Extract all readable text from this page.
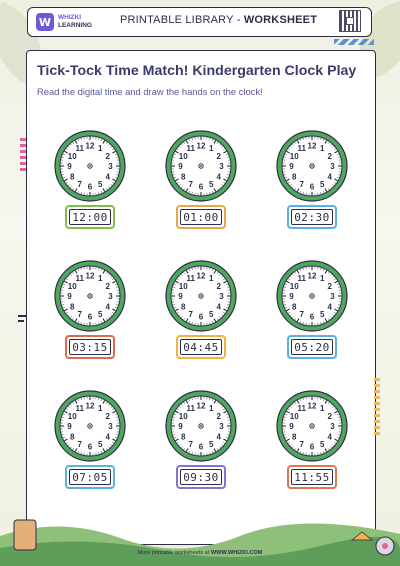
W WHIZKI
LEARNING	PRINTABLE LIBRARY - WORKSHEET
Tick-Tock Time Match! Kindergarten Clock Play
Read the digital time and draw the hands on the clock!
12 1
2
3
4
5
6
7
8
9
10
11
12:00
12 1
2
3
4
5
6
7
8
9
10
11
01:00
12 1
2
3
4
5
6
7
8
9
10
11
02:30
12 1
2
3
4
5
6
7
8
9
10
11
03:15
12 1
2
3
4
5
6
7
8
9
10
11
04:45
12 1
2
3
4
5
6
7
8
9
10
11
05:20
12 1
2
3
4
5
6
7
8
9
10
11
07:05
12 1
2
3
4
5
6
7
8
9
10
11
09:30
12 1
2
3
4
5
6
7
8
9
10
11
11:55
More printable worksheets at WWW.WHIZKI.COM
